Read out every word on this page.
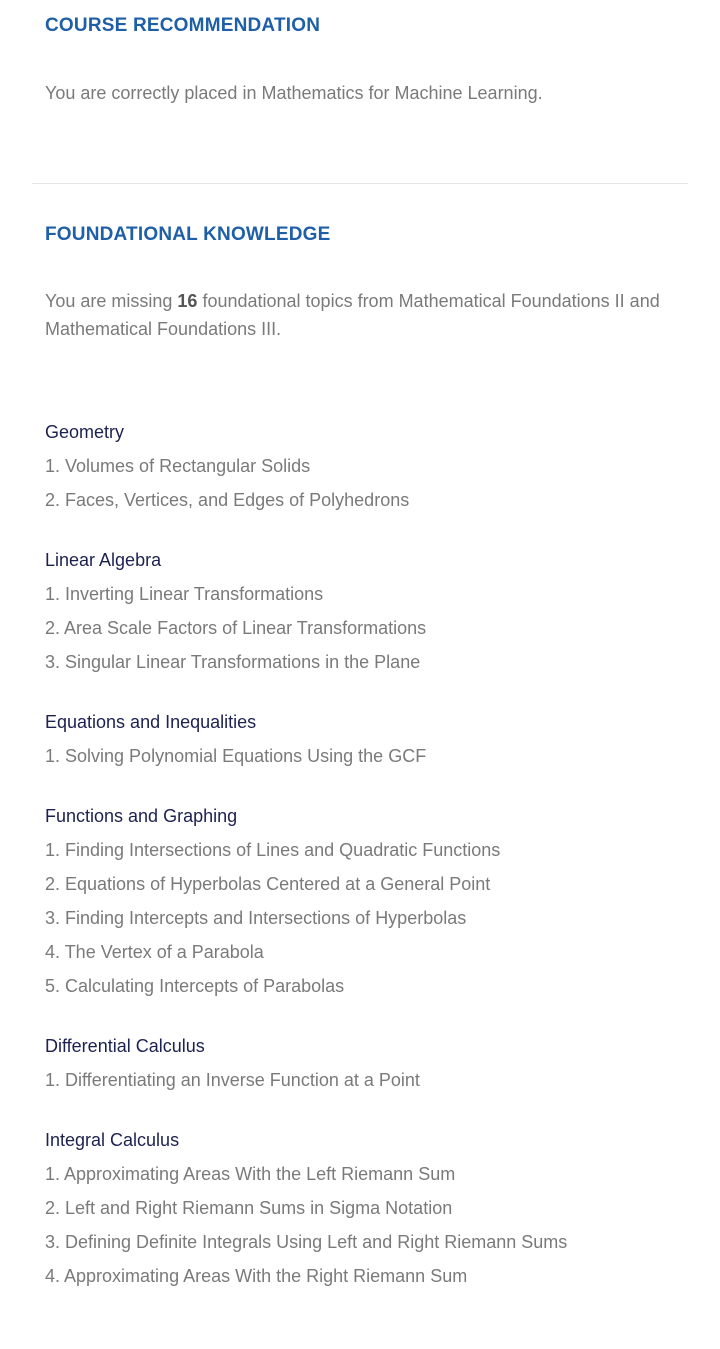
COURSE RECOMMENDATION

You are correctly placed in Mathematics for Machine Learning.

FOUNDATIONAL KNOWLEDGE

You are missing 16 foundational topics from Mathematical Foundations II and Mathematical Foundations III.

Geometry
1. Volumes of Rectangular Solids
2. Faces, Vertices, and Edges of Polyhedrons
Linear Algebra
1. Inverting Linear Transformations
2. Area Scale Factors of Linear Transformations
3. Singular Linear Transformations in the Plane
Equations and Inequalities
1. Solving Polynomial Equations Using the GCF
Functions and Graphing
1. Finding Intersections of Lines and Quadratic Functions
2. Equations of Hyperbolas Centered at a General Point
3. Finding Intercepts and Intersections of Hyperbolas
4. The Vertex of a Parabola
5. Calculating Intercepts of Parabolas
Differential Calculus
1. Differentiating an Inverse Function at a Point
Integral Calculus
1. Approximating Areas With the Left Riemann Sum
2. Left and Right Riemann Sums in Sigma Notation
3. Defining Definite Integrals Using Left and Right Riemann Sums
4. Approximating Areas With the Right Riemann Sum
